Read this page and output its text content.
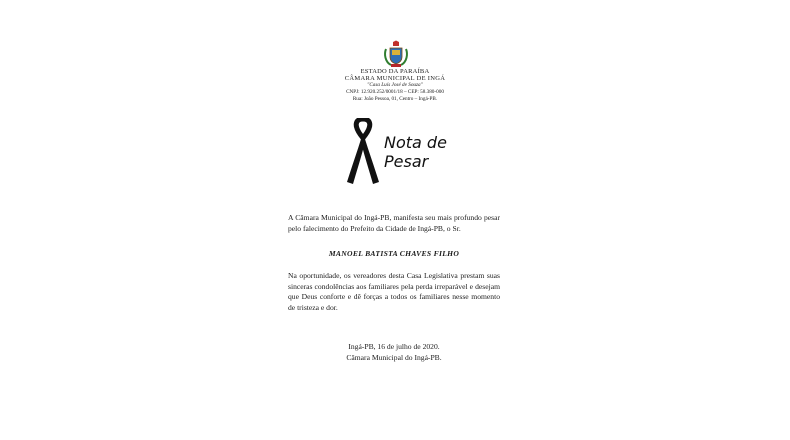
ESTADO DA PARAÍBA
CÂMARA MUNICIPAL DE INGÁ
"Casa Luís José de Souza"
CNPJ: 12.920.252/0001/18 – CEP: 58.380-000
Rua: João Pessoa, 01, Centro – Ingá-PB.
Nota de
Pesar
A Câmara Municipal do Ingá-PB, manifesta seu mais profundo pesar pelo falecimento do Prefeito da Cidade de Ingá-PB, o Sr.
MANOEL BATISTA CHAVES FILHO
Na oportunidade, os vereadores desta Casa Legislativa prestam suas sinceras condolências aos familiares pela perda irreparável e desejam que Deus conforte e dê forças a todos os familiares nesse momento de tristeza e dor.
Ingá-PB, 16 de julho de 2020.
Câmara Municipal do Ingá-PB.
